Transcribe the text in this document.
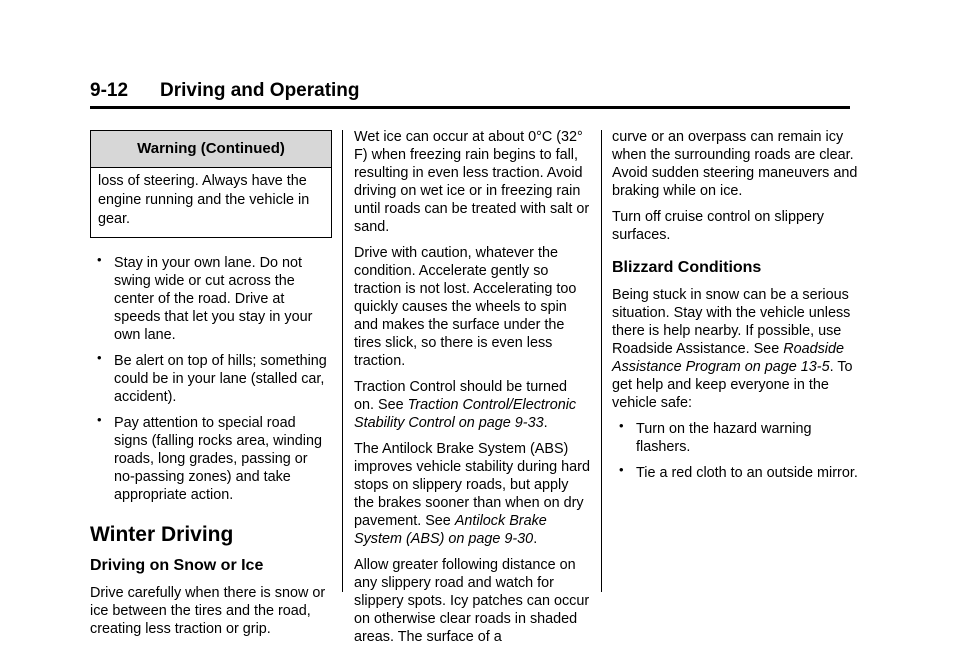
9-12 Driving and Operating
Warning (Continued)
loss of steering. Always have the engine running and the vehicle in gear.
• Stay in your own lane. Do not swing wide or cut across the center of the road. Drive at speeds that let you stay in your own lane.
• Be alert on top of hills; something could be in your lane (stalled car, accident).
• Pay attention to special road signs (falling rocks area, winding roads, long grades, passing or no-passing zones) and take appropriate action.
Winter Driving
Driving on Snow or Ice

Drive carefully when there is snow or ice between the tires and the road, creating less traction or grip.

Wet ice can occur at about 0°C (32° F) when freezing rain begins to fall, resulting in even less traction. Avoid driving on wet ice or in freezing rain until roads can be treated with salt or sand.

Drive with caution, whatever the condition. Accelerate gently so traction is not lost. Accelerating too quickly causes the wheels to spin and makes the surface under the tires slick, so there is even less traction.

Traction Control should be turned on. See Traction Control/Electronic Stability Control on page 9-33.

The Antilock Brake System (ABS) improves vehicle stability during hard stops on slippery roads, but apply the brakes sooner than when on dry pavement. See Antilock Brake System (ABS) on page 9-30.

Allow greater following distance on any slippery road and watch for slippery spots. Icy patches can occur on otherwise clear roads in shaded areas. The surface of a

curve or an overpass can remain icy when the surrounding roads are clear. Avoid sudden steering maneuvers and braking while on ice.

Turn off cruise control on slippery surfaces.

Blizzard Conditions

Being stuck in snow can be a serious situation. Stay with the vehicle unless there is help nearby. If possible, use Roadside Assistance. See Roadside Assistance Program on page 13-5. To get help and keep everyone in the vehicle safe:

• Turn on the hazard warning flashers.
• Tie a red cloth to an outside mirror.
